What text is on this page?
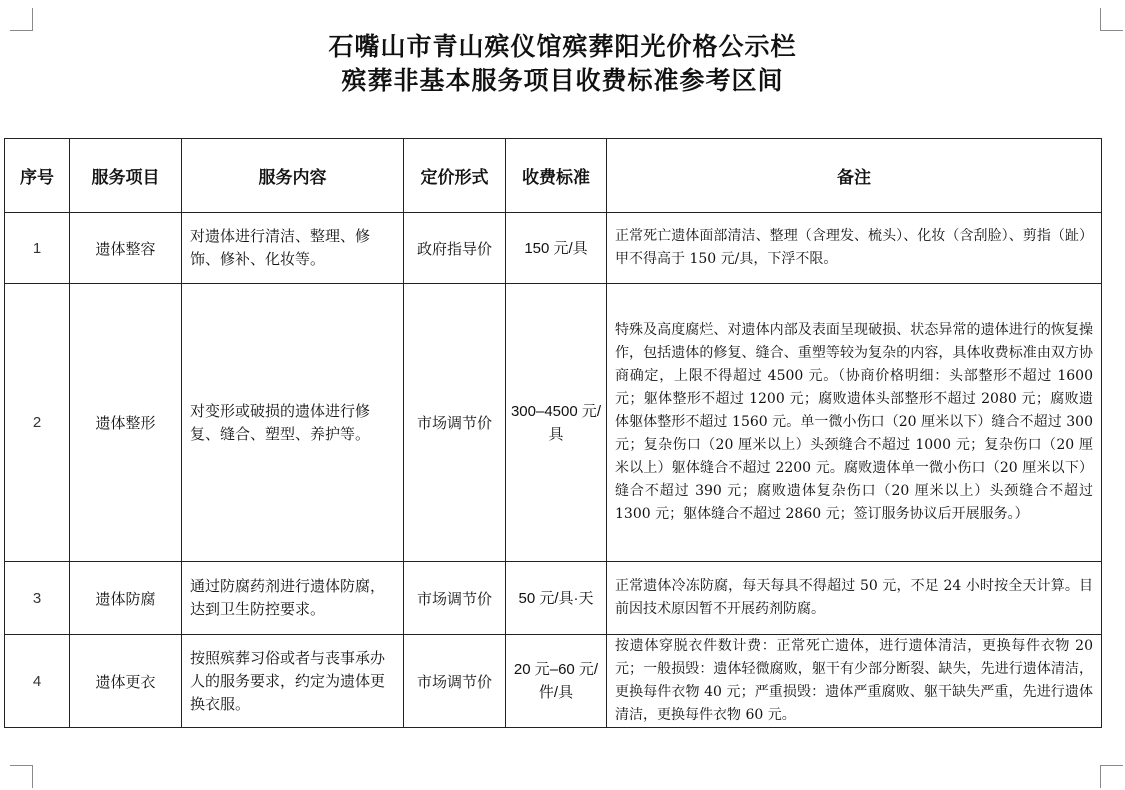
石嘴山市青山殡仪馆殡葬阳光价格公示栏
殡葬非基本服务项目收费标准参考区间
序号	服务项目	服务内容	定价形式	收费标准	备注
1	遗体整容	对遗体进行清洁、整理、修饰、修补、化妆等。	政府指导价	150 元/具	正常死亡遗体面部清洁、整理（含理发、梳头）、化妆（含刮脸）、剪指（趾）甲不得高于 150 元/具，下浮不限。
2	遗体整形	对变形或破损的遗体进行修复、缝合、塑型、养护等。	市场调节价	300–4500 元/具	特殊及高度腐烂、对遗体内部及表面呈现破损、状态异常的遗体进行的恢复操作，包括遗体的修复、缝合、重塑等较为复杂的内容，具体收费标准由双方协商确定，上限不得超过 4500 元。（协商价格明细：头部整形不超过 1600 元；躯体整形不超过 1200 元；腐败遗体头部整形不超过 2080 元；腐败遗体躯体整形不超过 1560 元。单一微小伤口（20 厘米以下）缝合不超过 300 元；复杂伤口（20 厘米以上）头颈缝合不超过 1000 元；复杂伤口（20 厘米以上）躯体缝合不超过 2200 元。腐败遗体单一微小伤口（20 厘米以下）缝合不超过 390 元；腐败遗体复杂伤口（20 厘米以上）头颈缝合不超过 1300 元；躯体缝合不超过 2860 元；签订服务协议后开展服务。）
3	遗体防腐	通过防腐药剂进行遗体防腐，达到卫生防控要求。	市场调节价	50 元/具·天	正常遗体冷冻防腐，每天每具不得超过 50 元，不足 24 小时按全天计算。目前因技术原因暂不开展药剂防腐。
4	遗体更衣	按照殡葬习俗或者与丧事承办人的服务要求，约定为遗体更换衣服。	市场调节价	20 元–60 元/件/具	按遗体穿脱衣件数计费：正常死亡遗体，进行遗体清洁，更换每件衣物 20 元；一般损毁：遗体轻微腐败，躯干有少部分断裂、缺失，先进行遗体清洁，更换每件衣物 40 元；严重损毁：遗体严重腐败、躯干缺失严重，先进行遗体清洁，更换每件衣物 60 元。
